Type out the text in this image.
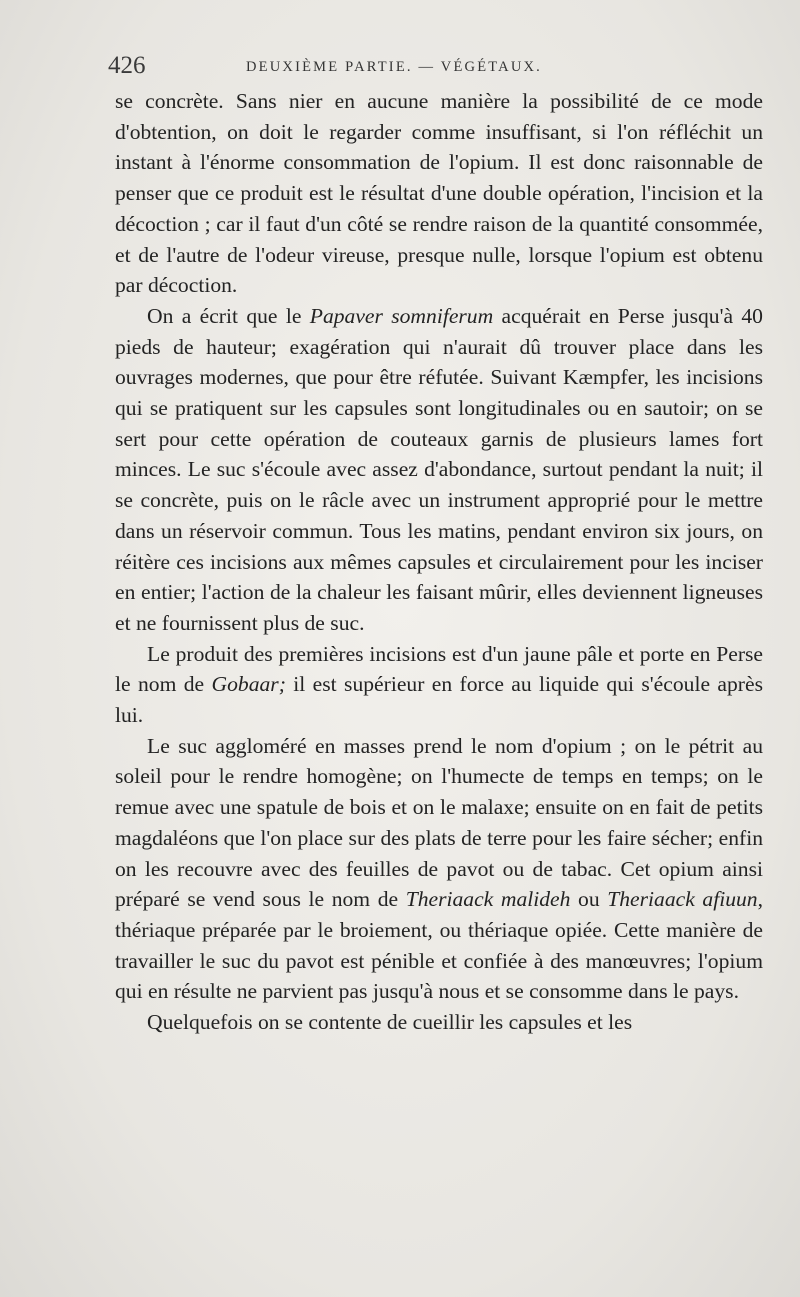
426	DEUXIÈME PARTIE. — VÉGÉTAUX.

se concrète. Sans nier en aucune manière la possibilité de ce mode d'obtention, on doit le regarder comme insuffisant, si l'on réfléchit un instant à l'énorme consommation de l'opium. Il est donc raisonnable de penser que ce produit est le résultat d'une double opération, l'incision et la décoction ; car il faut d'un côté se rendre raison de la quantité consommée, et de l'autre de l'odeur vireuse, presque nulle, lorsque l'opium est obtenu par décoction.

On a écrit que le Papaver somniferum acquérait en Perse jusqu'à 40 pieds de hauteur; exagération qui n'aurait dû trouver place dans les ouvrages modernes, que pour être réfutée. Suivant Kæmpfer, les incisions qui se pratiquent sur les capsules sont longitudinales ou en sautoir; on se sert pour cette opération de couteaux garnis de plusieurs lames fort minces. Le suc s'écoule avec assez d'abondance, surtout pendant la nuit; il se concrète, puis on le râcle avec un instrument approprié pour le mettre dans un réservoir commun. Tous les matins, pendant environ six jours, on réitère ces incisions aux mêmes capsules et circulairement pour les inciser en entier; l'action de la chaleur les faisant mûrir, elles deviennent ligneuses et ne fournissent plus de suc.

Le produit des premières incisions est d'un jaune pâle et porte en Perse le nom de Gobaar; il est supérieur en force au liquide qui s'écoule après lui.

Le suc aggloméré en masses prend le nom d'opium ; on le pétrit au soleil pour le rendre homogène; on l'humecte de temps en temps; on le remue avec une spatule de bois et on le malaxe; ensuite on en fait de petits magdaléons que l'on place sur des plats de terre pour les faire sécher; enfin on les recouvre avec des feuilles de pavot ou de tabac. Cet opium ainsi préparé se vend sous le nom de Theriaack malideh ou Theriaack afiuun, thériaque préparée par le broiement, ou thériaque opiée. Cette manière de travailler le suc du pavot est pénible et confiée à des manœuvres; l'opium qui en résulte ne parvient pas jusqu'à nous et se consomme dans le pays.

Quelquefois on se contente de cueillir les capsules et les
